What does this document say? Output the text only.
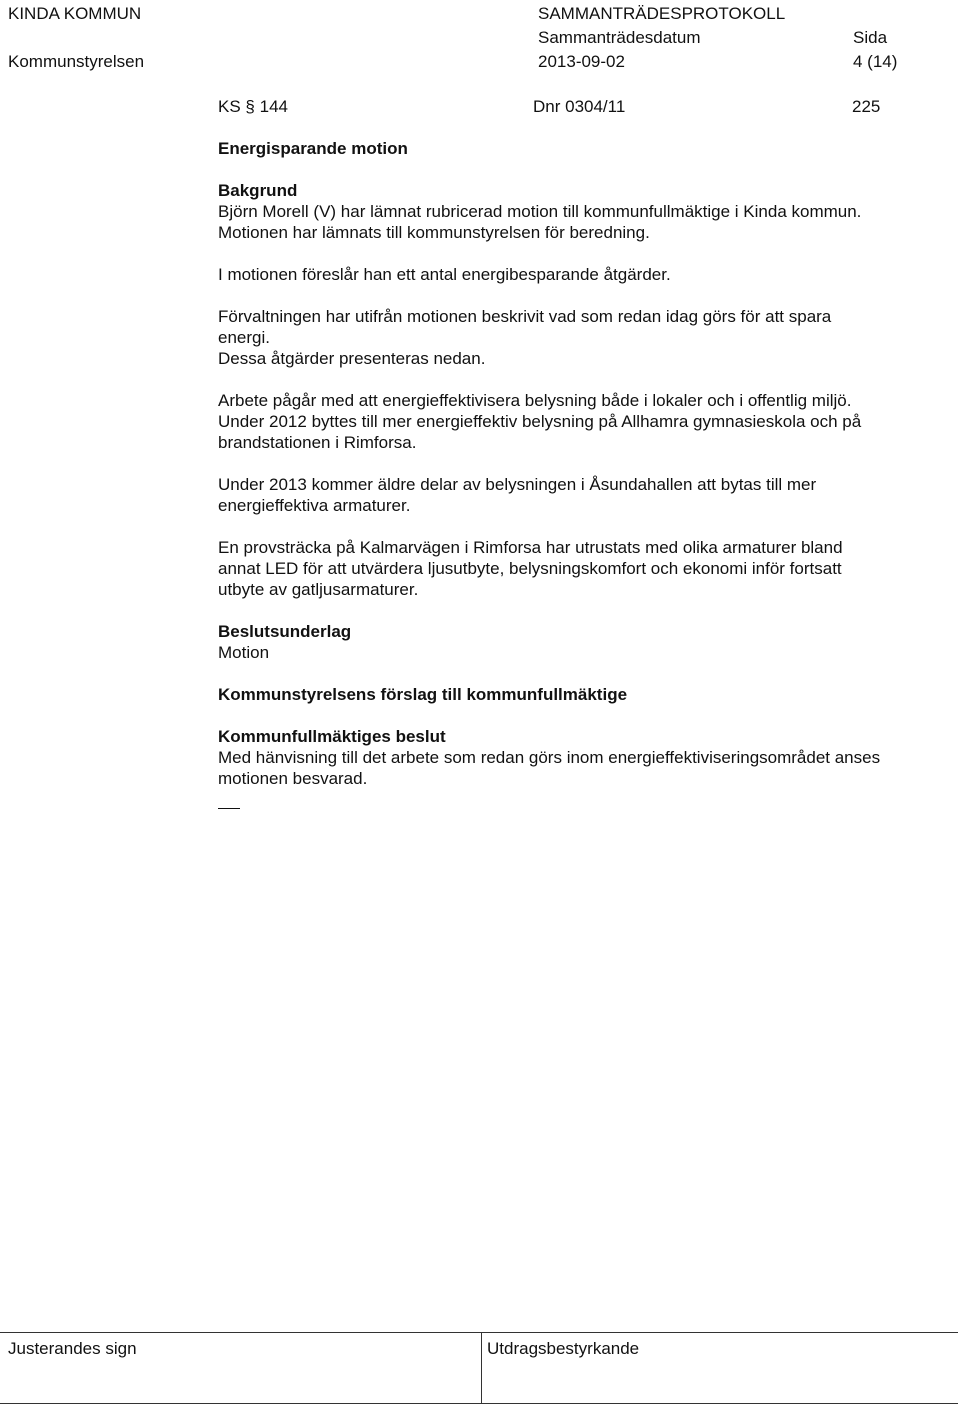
KINDA KOMMUN	SAMMANTRÄDESPROTOKOLL
Sammanträdesdatum	Sida
Kommunstyrelsen	2013-09-02	4 (14)
KS § 144	Dnr 0304/11	225
Energisparande motion

Bakgrund

Björn Morell (V) har lämnat rubricerad motion till kommunfullmäktige i Kinda kommun.

Motionen har lämnats till kommunstyrelsen för beredning.

I motionen föreslår han ett antal energibesparande åtgärder.

Förvaltningen har utifrån motionen beskrivit vad som redan idag görs för att spara

energi.

Dessa åtgärder presenteras nedan.

Arbete pågår med att energieffektivisera belysning både i lokaler och i offentlig miljö.

Under 2012 byttes till mer energieffektiv belysning på Allhamra gymnasieskola och på

brandstationen i Rimforsa.

Under 2013 kommer äldre delar av belysningen i Åsundahallen att bytas till mer

energieffektiva armaturer.

En provsträcka på Kalmarvägen i Rimforsa har utrustats med olika armaturer bland

annat LED för att utvärdera ljusutbyte, belysningskomfort och ekonomi inför fortsatt

utbyte av gatljusarmaturer.

Beslutsunderlag

Motion

Kommunstyrelsens förslag till kommunfullmäktige

Kommunfullmäktiges beslut

Med hänvisning till det arbete som redan görs inom energieffektiviseringsområdet anses

motionen besvarad.

Justerandes sign	Utdragsbestyrkande
